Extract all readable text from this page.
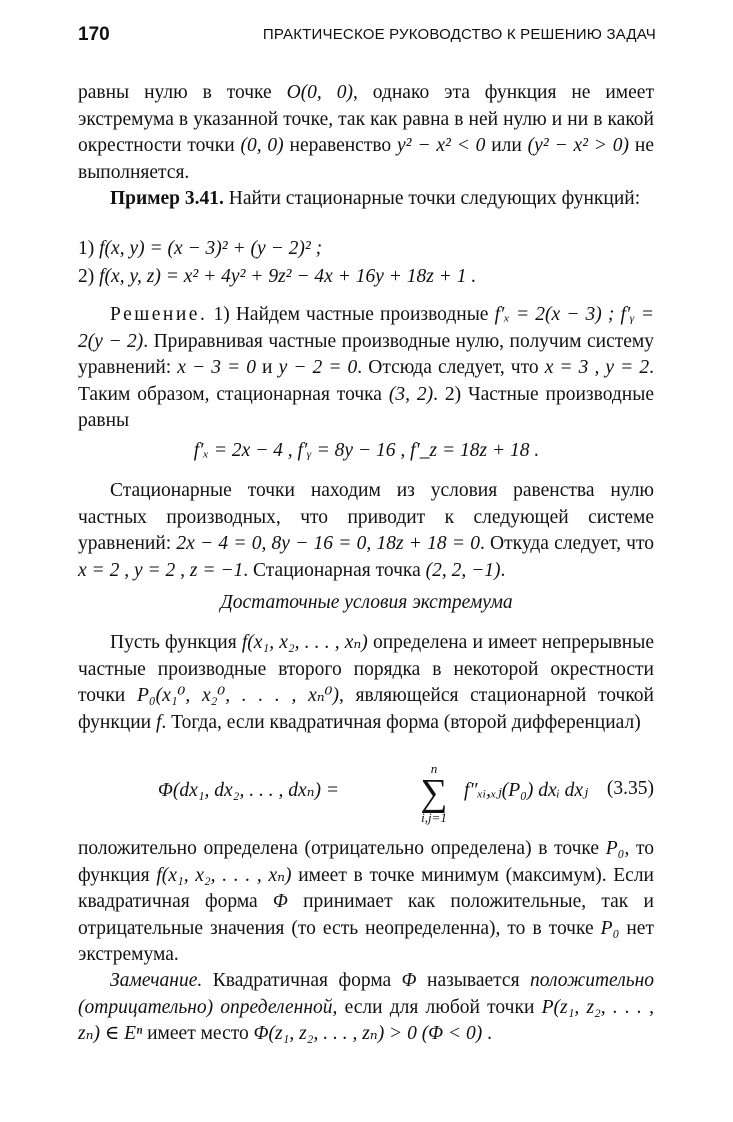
170	ПРАКТИЧЕСКОЕ РУКОВОДСТВО К РЕШЕНИЮ ЗАДАЧ

равны нулю в точке O(0, 0), однако эта функция не имеет экстремума в указанной точке, так как равна в ней нулю и ни в какой окрестности точки (0, 0) неравенство y² − x² < 0 или (y² − x² > 0) не выполняется.

Пример 3.41. Найти стационарные точки следующих функций:

1) f(x, y) = (x − 3)² + (y − 2)² ;

2) f(x, y, z) = x² + 4y² + 9z² − 4x + 16y + 18z + 1 .

Решение. 1) Найдем частные производные f′ₓ = 2(x − 3) ; f′ᵧ = 2(y − 2). Приравнивая частные производные нулю, получим систему уравнений: x − 3 = 0 и y − 2 = 0. Отсюда следует, что x = 3 , y = 2. Таким образом, стационарная точка (3, 2). 2) Частные производные равны

f′ₓ = 2x − 4 , f′ᵧ = 8y − 16 , f′_z = 18z + 18 .

Стационарные точки находим из условия равенства нулю частных производных, что приводит к следующей системе уравнений: 2x − 4 = 0, 8y − 16 = 0, 18z + 18 = 0. Откуда следует, что x = 2 , y = 2 , z = −1. Стационарная точка (2, 2, −1).

Достаточные условия экстремума

Пусть функция f(x₁, x₂, . . . , xₙ) определена и имеет непрерывные частные производные второго порядка в некоторой окрестности точки P₀(x₁⁰, x₂⁰, . . . , xₙ⁰), являющейся стационарной точкой функции f. Тогда, если квадратичная форма (второй дифференциал)

Φ(dx₁, dx₂, . . . , dxₙ) =
n
∑
i,j=1
f″ₓᵢ,ₓⱼ(P₀) dxᵢ dxⱼ (3.35)

положительно определена (отрицательно определена) в точке P₀, то функция f(x₁, x₂, . . . , xₙ) имеет в точке минимум (максимум). Если квадратичная форма Φ принимает как положительные, так и отрицательные значения (то есть неопределенна), то в точке P₀ нет экстремума.

Замечание. Квадратичная форма Φ называется положительно (отрицательно) определенной, если для любой точки P(z₁, z₂, . . . , zₙ) ∈ Eⁿ имеет место Φ(z₁, z₂, . . . , zₙ) > 0 (Φ < 0) .
